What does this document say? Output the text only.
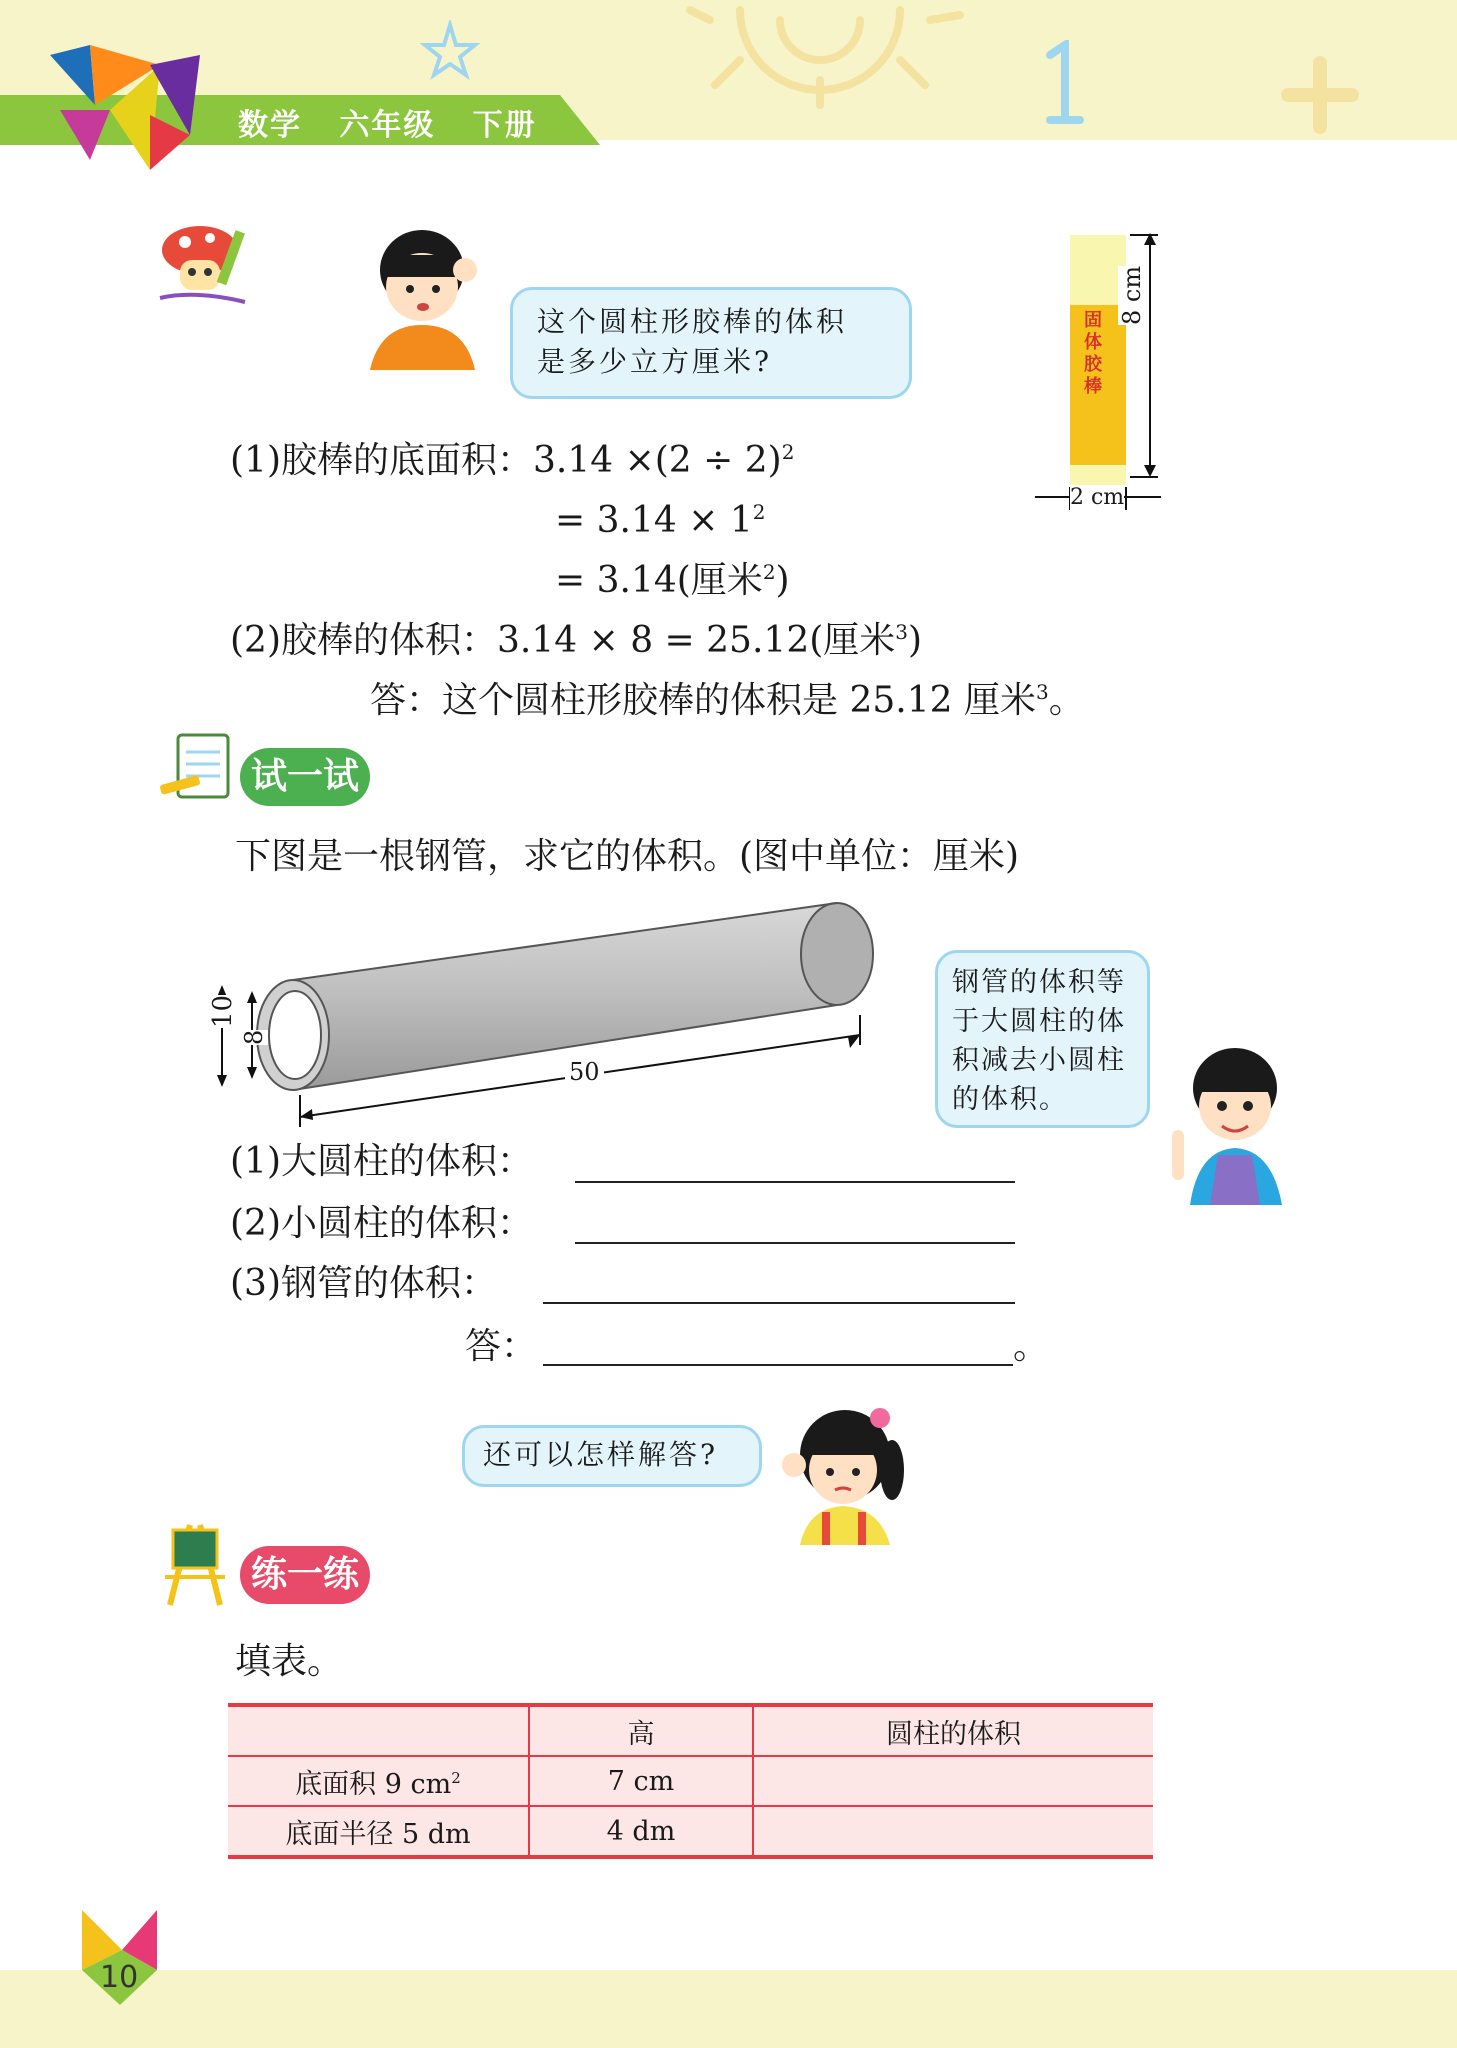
数学   六年级   下册
这个圆柱形胶棒的体积
是多少立方厘米?
固体胶棒
8 cm
2 cm
(1)胶棒的底面积：$3.14 \times(2 \div 2)^2$
= $3.14 \times 1^2$
= 3.14(厘米$^2$)
(2)胶棒的体积：3.14 × 8 = 25.12(厘米$^3$)
答：这个圆柱形胶棒的体积是 25.12 厘米$^3$。
试一试
下图是一根钢管，求它的体积。(图中单位：厘米)
10
8
50
钢管的体积等
于大圆柱的体
积减去小圆柱
的体积。
(1)大圆柱的体积：
(2)小圆柱的体积：
(3)钢管的体积：
答：	。
还可以怎样解答?
练一练
填表。
	高	圆柱的体积
底面积 9 $cm^2$	7 cm	
底面半径 5 dm	4 dm	
10
